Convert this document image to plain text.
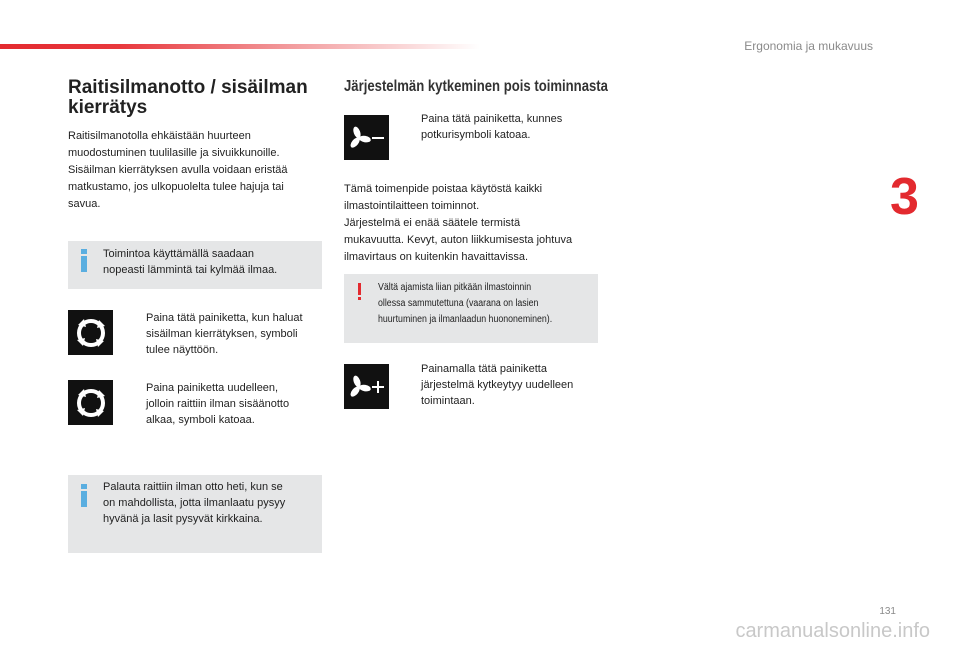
Ergonomia ja mukavuus
3
Raitisilmanotto / sisäilman
kierrätys
Raitisilmanotolla ehkäistään huurteen
muodostuminen tuulilasille ja sivuikkunoille.
Sisäilman kierrätyksen avulla voidaan eristää
matkustamo, jos ulkopuolelta tulee hajuja tai
savua.
Toimintoa käyttämällä saadaan
nopeasti lämmintä tai kylmää ilmaa.
Paina tätä painiketta, kun haluat
sisäilman kierrätyksen, symboli
tulee näyttöön.
Paina painiketta uudelleen,
jolloin raittiin ilman sisäänotto
alkaa, symboli katoaa.
Palauta raittiin ilman otto heti, kun se
on mahdollista, jotta ilmanlaatu pysyy
hyvänä ja lasit pysyvät kirkkaina.
Järjestelmän kytkeminen pois toiminnasta
Paina tätä painiketta, kunnes
potkurisymboli katoaa.
Tämä toimenpide poistaa käytöstä kaikki
ilmastointilaitteen toiminnot.
Järjestelmä ei enää säätele termistä
mukavuutta. Kevyt, auton liikkumisesta johtuva
ilmavirtaus on kuitenkin havaittavissa.
Vältä ajamista liian pitkään ilmastoinnin
ollessa sammutettuna (vaarana on lasien
huurtuminen ja ilmanlaadun huononeminen).
Painamalla tätä painiketta
järjestelmä kytkeytyy uudelleen
toimintaan.
131
carmanualsonline.info
